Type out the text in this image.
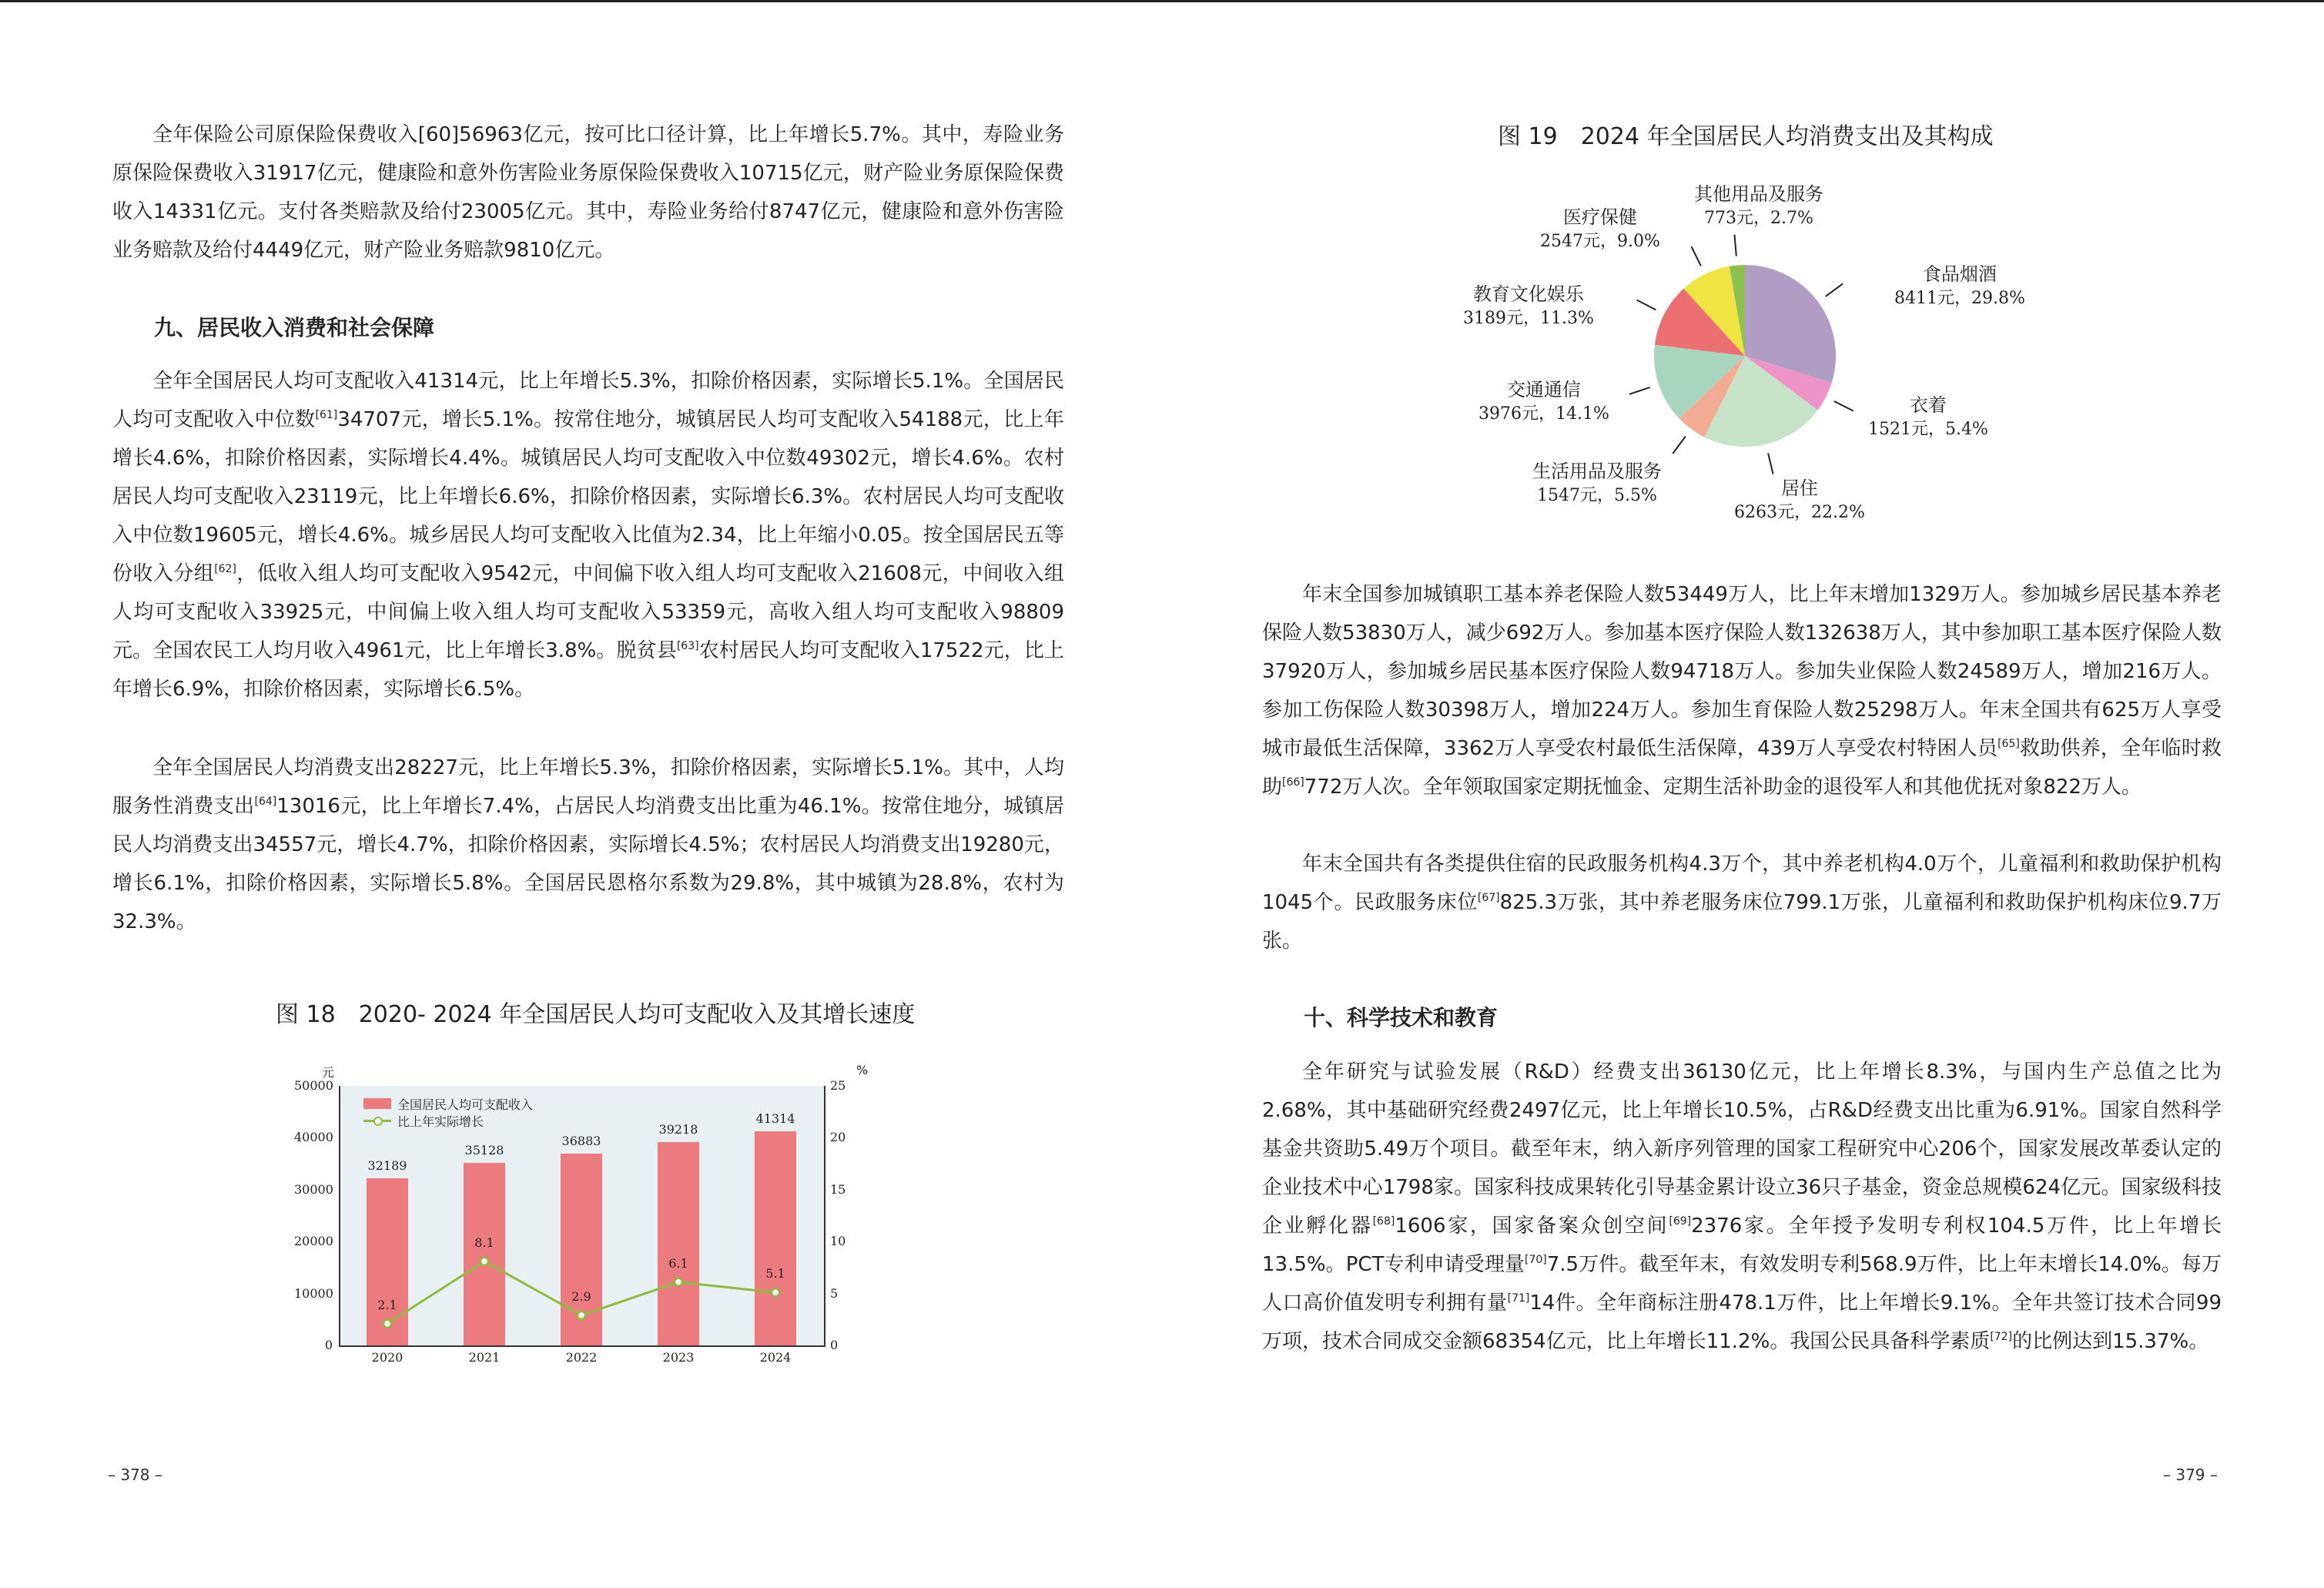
全年保险公司原保险保费收入[60]56963亿元，按可比口径计算，比上年增长5.7%。其中，寿险业务原保险保费收入31917亿元，健康险和意外伤害险业务原保险保费收入10715亿元，财产险业务原保险保费收入14331亿元。支付各类赔款及给付23005亿元。其中，寿险业务给付8747亿元，健康险和意外伤害险业务赔款及给付4449亿元，财产险业务赔款9810亿元。

九、居民收入消费和社会保障

全年全国居民人均可支配收入41314元，比上年增长5.3%，扣除价格因素，实际增长5.1%。全国居民人均可支配收入中位数[61]34707元，增长5.1%。按常住地分，城镇居民人均可支配收入54188元，比上年增长4.6%，扣除价格因素，实际增长4.4%。城镇居民人均可支配收入中位数49302元，增长4.6%。农村居民人均可支配收入23119元，比上年增长6.6%，扣除价格因素，实际增长6.3%。农村居民人均可支配收入中位数19605元，增长4.6%。城乡居民人均可支配收入比值为2.34，比上年缩小0.05。按全国居民五等份收入分组[62]，低收入组人均可支配收入9542元，中间偏下收入组人均可支配收入21608元，中间收入组人均可支配收入33925元，中间偏上收入组人均可支配收入53359元，高收入组人均可支配收入98809元。全国农民工人均月收入4961元，比上年增长3.8%。脱贫县[63]农村居民人均可支配收入17522元，比上年增长6.9%，扣除价格因素，实际增长6.5%。

全年全国居民人均消费支出28227元，比上年增长5.3%，扣除价格因素，实际增长5.1%。其中，人均服务性消费支出[64]13016元，比上年增长7.4%，占居民人均消费支出比重为46.1%。按常住地分，城镇居民人均消费支出34557元，增长4.7%，扣除价格因素，实际增长4.5%；农村居民人均消费支出19280元，增长6.1%，扣除价格因素，实际增长5.8%。全国居民恩格尔系数为29.8%，其中城镇为28.8%，农村为32.3%。

图 18　2020- 2024 年全国居民人均可支配收入及其增长速度
元	%
32189
2.1
35128
8.1
36883
2.9
39218
6.1
41314
5.1
全国居民人均可支配收入
比上年实际增长
50000
40000
30000
20000
10000
0
25
20
15
10
5
0
2020	2021	2022	2023	2024
– 378 –
图 19　2024 年全国居民人均消费支出及其构成

年末全国参加城镇职工基本养老保险人数53449万人，比上年末增加1329万人。参加城乡居民基本养老保险人数53830万人，减少692万人。参加基本医疗保险人数132638万人，其中参加职工基本医疗保险人数37920万人，参加城乡居民基本医疗保险人数94718万人。参加失业保险人数24589万人，增加216万人。参加工伤保险人数30398万人，增加224万人。参加生育保险人数25298万人。年末全国共有625万人享受城市最低生活保障，3362万人享受农村最低生活保障，439万人享受农村特困人员[65]救助供养，全年临时救助[66]772万人次。全年领取国家定期抚恤金、定期生活补助金的退役军人和其他优抚对象822万人。

年末全国共有各类提供住宿的民政服务机构4.3万个，其中养老机构4.0万个，儿童福利和救助保护机构1045个。民政服务床位[67]825.3万张，其中养老服务床位799.1万张，儿童福利和救助保护机构床位9.7万张。

十、科学技术和教育

全年研究与试验发展（R&D）经费支出36130亿元，比上年增长8.3%，与国内生产总值之比为2.68%，其中基础研究经费2497亿元，比上年增长10.5%，占R&D经费支出比重为6.91%。国家自然科学基金共资助5.49万个项目。截至年末，纳入新序列管理的国家工程研究中心206个，国家发展改革委认定的企业技术中心1798家。国家科技成果转化引导基金累计设立36只子基金，资金总规模624亿元。国家级科技企业孵化器[68]1606家，国家备案众创空间[69]2376家。全年授予发明专利权104.5万件，比上年增长13.5%。PCT专利申请受理量[70]7.5万件。截至年末，有效发明专利568.9万件，比上年末增长14.0%。每万人口高价值发明专利拥有量[71]14件。全年商标注册478.1万件，比上年增长9.1%。全年共签订技术合同99万项，技术合同成交金额68354亿元，比上年增长11.2%。我国公民具备科学素质[72]的比例达到15.37%。

– 379 –
其他用品及服务
773元，2.7%
医疗保健
2547元，9.0%
食品烟酒
8411元，29.8%
教育文化娱乐
3189元，11.3%
交通通信
3976元，14.1%	衣着
1521元，5.4%
生活用品及服务
1547元，5.5%	居住
6263元，22.2%
